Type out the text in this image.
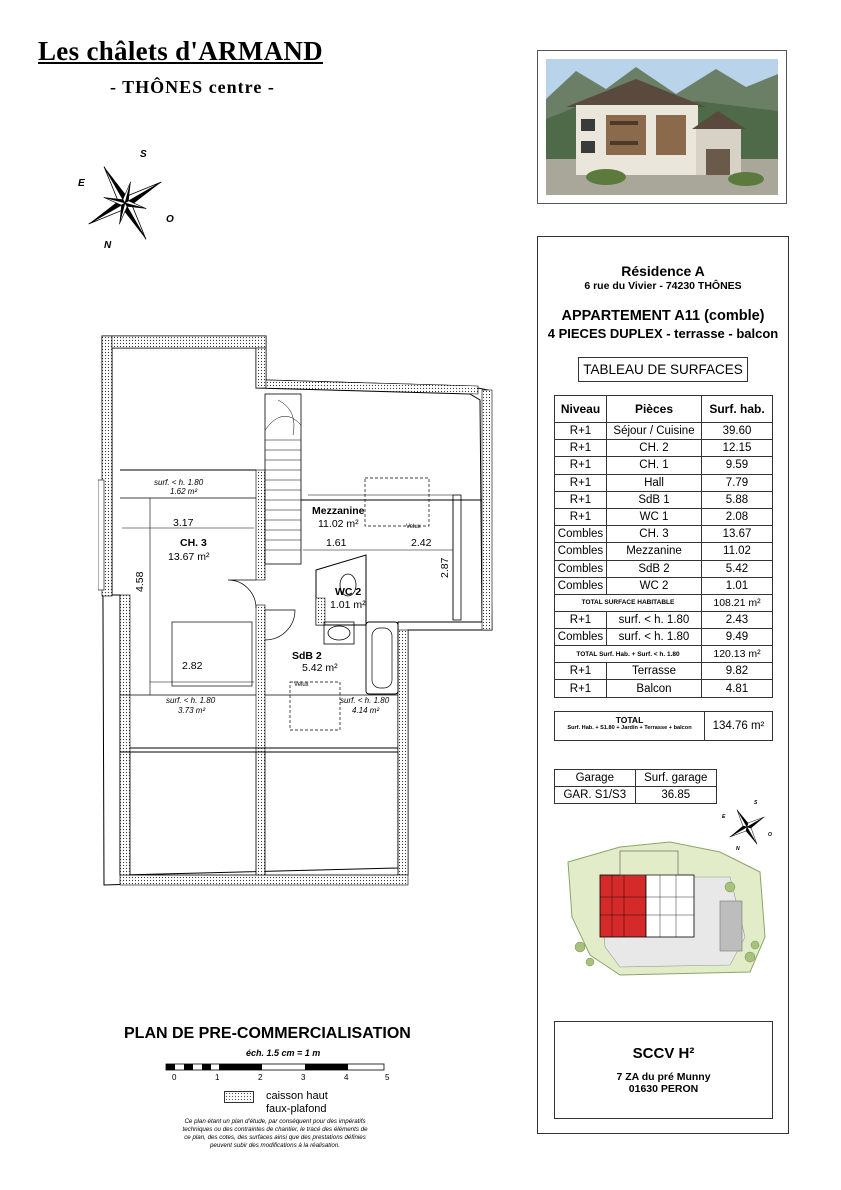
Les châlets d'ARMAND
- THÔNES centre -
S
E
O
N
surf. < h. 1.80
1.62 m²
3.17
CH. 3
13.67 m²
4.58
Mezzanine
11.02 m²	Velux
1.61	2.42
2.87
WC 2
1.01 m²
2.82
SdB 2
5.42 m²
Velux
surf. < h. 1.80
3.73 m²
surf. < h. 1.80
4.14 m²
Résidence A
6 rue du Vivier - 74230 THÔNES
APPARTEMENT A11 (comble)
4 PIECES DUPLEX - terrasse - balcon
TABLEAU DE SURFACES
Niveau	Pièces	Surf. hab.
R+1	Séjour / Cuisine	39.60
R+1	CH. 2	12.15
R+1	CH. 1	9.59
R+1	Hall	7.79
R+1	SdB 1	5.88
R+1	WC 1	2.08
Combles	CH. 3	13.67
Combles	Mezzanine	11.02
Combles	SdB 2	5.42
Combles	WC 2	1.01
TOTAL SURFACE HABITABLE		108.21 m²
R+1	surf. < h. 1.80	2.43
Combles	surf. < h. 1.80	9.49
TOTAL Surf. Hab. + Surf. < h. 1.80		120.13 m²
R+1	Terrasse	9.82
R+1	Balcon	4.81
TOTAL
Surf. Hab. + S1.80 + Jardin + Terrasse + balcon	134.76 m²
Garage	Surf. garage
GAR. S1/S3	36.85
SCCV H²
7 ZA du pré Munny
01630 PERON
S
E
O
N
PLAN DE PRE-COMMERCIALISATION
éch. 1.5 cm = 1 m
0	1	2	3	4	5
caisson haut
faux-plafond
Ce plan étant un plan d'étude, par conséquent pour des impératifs techniques ou des contraintes de chantier, le tracé des éléments de ce plan, des cotes, des surfaces ainsi que des prestations définies peuvent subir des modifications à la réalisation.
